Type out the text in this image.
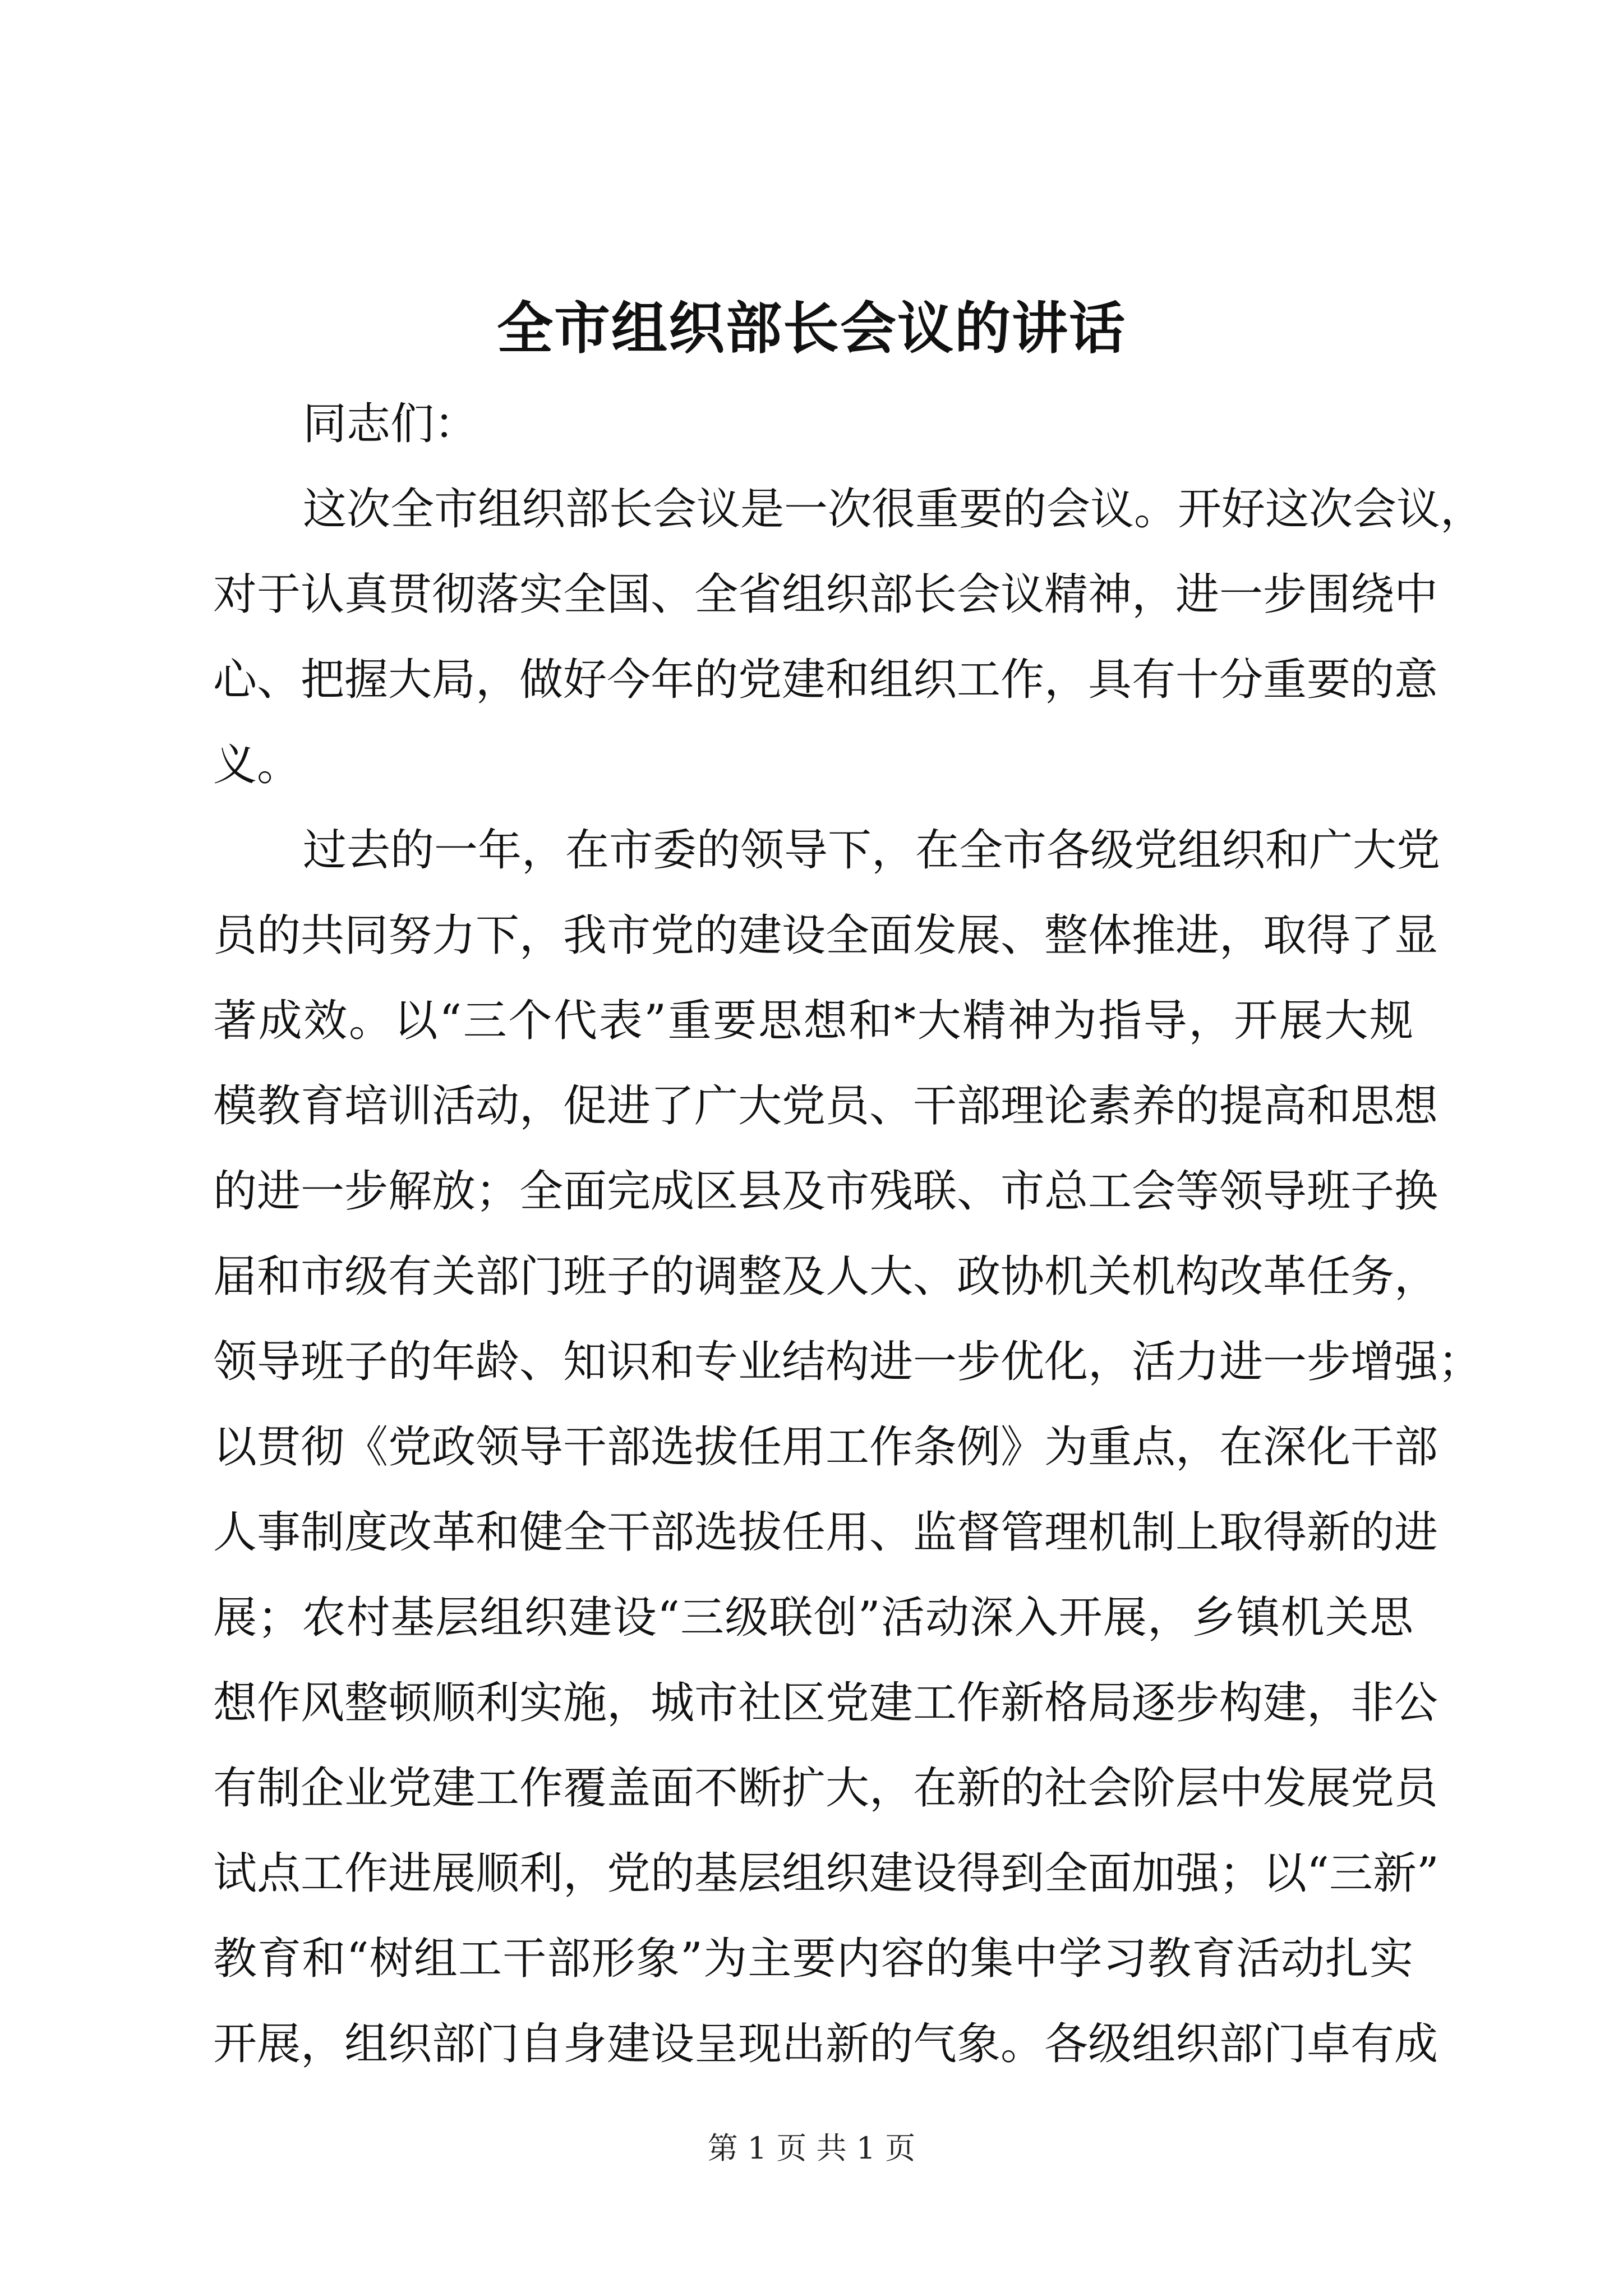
全市组织部长会议的讲话
同志们：
这次全市组织部长会议是一次很重要的会议。开好这次会议，
对于认真贯彻落实全国、全省组织部长会议精神，进一步围绕中
心、把握大局，做好今年的党建和组织工作，具有十分重要的意
义。
过去的一年，在市委的领导下，在全市各级党组织和广大党
员的共同努力下，我市党的建设全面发展、整体推进，取得了显
著成效。以“三个代表”重要思想和*大精神为指导，开展大规
模教育培训活动，促进了广大党员、干部理论素养的提高和思想
的进一步解放；全面完成区县及市残联、市总工会等领导班子换
届和市级有关部门班子的调整及人大、政协机关机构改革任务，
领导班子的年龄、知识和专业结构进一步优化，活力进一步增强；
以贯彻《党政领导干部选拔任用工作条例》为重点，在深化干部
人事制度改革和健全干部选拔任用、监督管理机制上取得新的进
展；农村基层组织建设“三级联创”活动深入开展，乡镇机关思
想作风整顿顺利实施，城市社区党建工作新格局逐步构建，非公
有制企业党建工作覆盖面不断扩大，在新的社会阶层中发展党员
试点工作进展顺利，党的基层组织建设得到全面加强；以“三新”
教育和“树组工干部形象”为主要内容的集中学习教育活动扎实
开展，组织部门自身建设呈现出新的气象。各级组织部门卓有成
第 1 页 共 1 页
